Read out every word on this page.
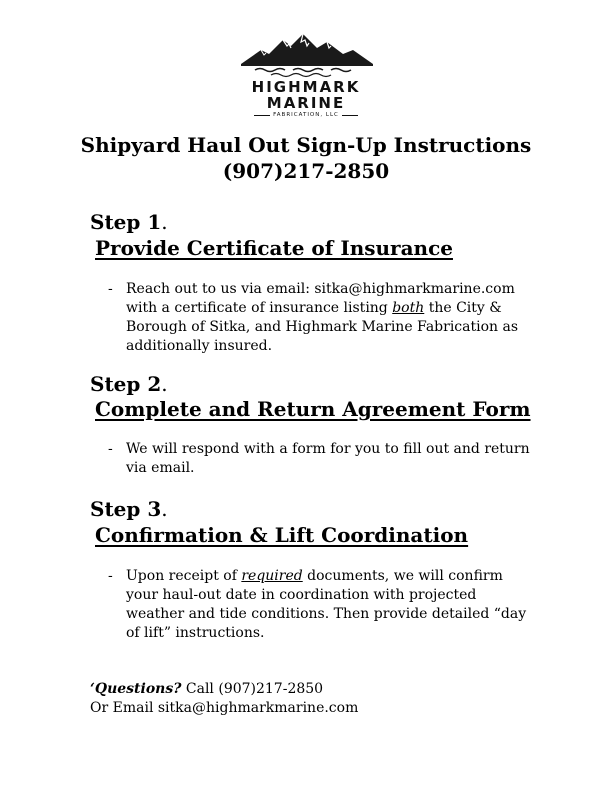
HIGHMARK MARINE
FABRICATION, LLC
Shipyard Haul Out Sign-Up Instructions
(907)217-2850
Step 1.
Provide Certificate of Insurance
- Reach out to us via email: sitka@highmarkmarine.com with a certificate of insurance listing both the City & Borough of Sitka, and Highmark Marine Fabrication as additionally insured.
Step 2.
Complete and Return Agreement Form
- We will respond with a form for you to fill out and return via email.
Step 3.
Confirmation & Lift Coordination
- Upon receipt of required documents, we will confirm your haul-out date in coordination with projected weather and tide conditions. Then provide detailed “day of lift” instructions.
‘Questions? Call (907)217-2850
Or Email sitka@highmarkmarine.com
